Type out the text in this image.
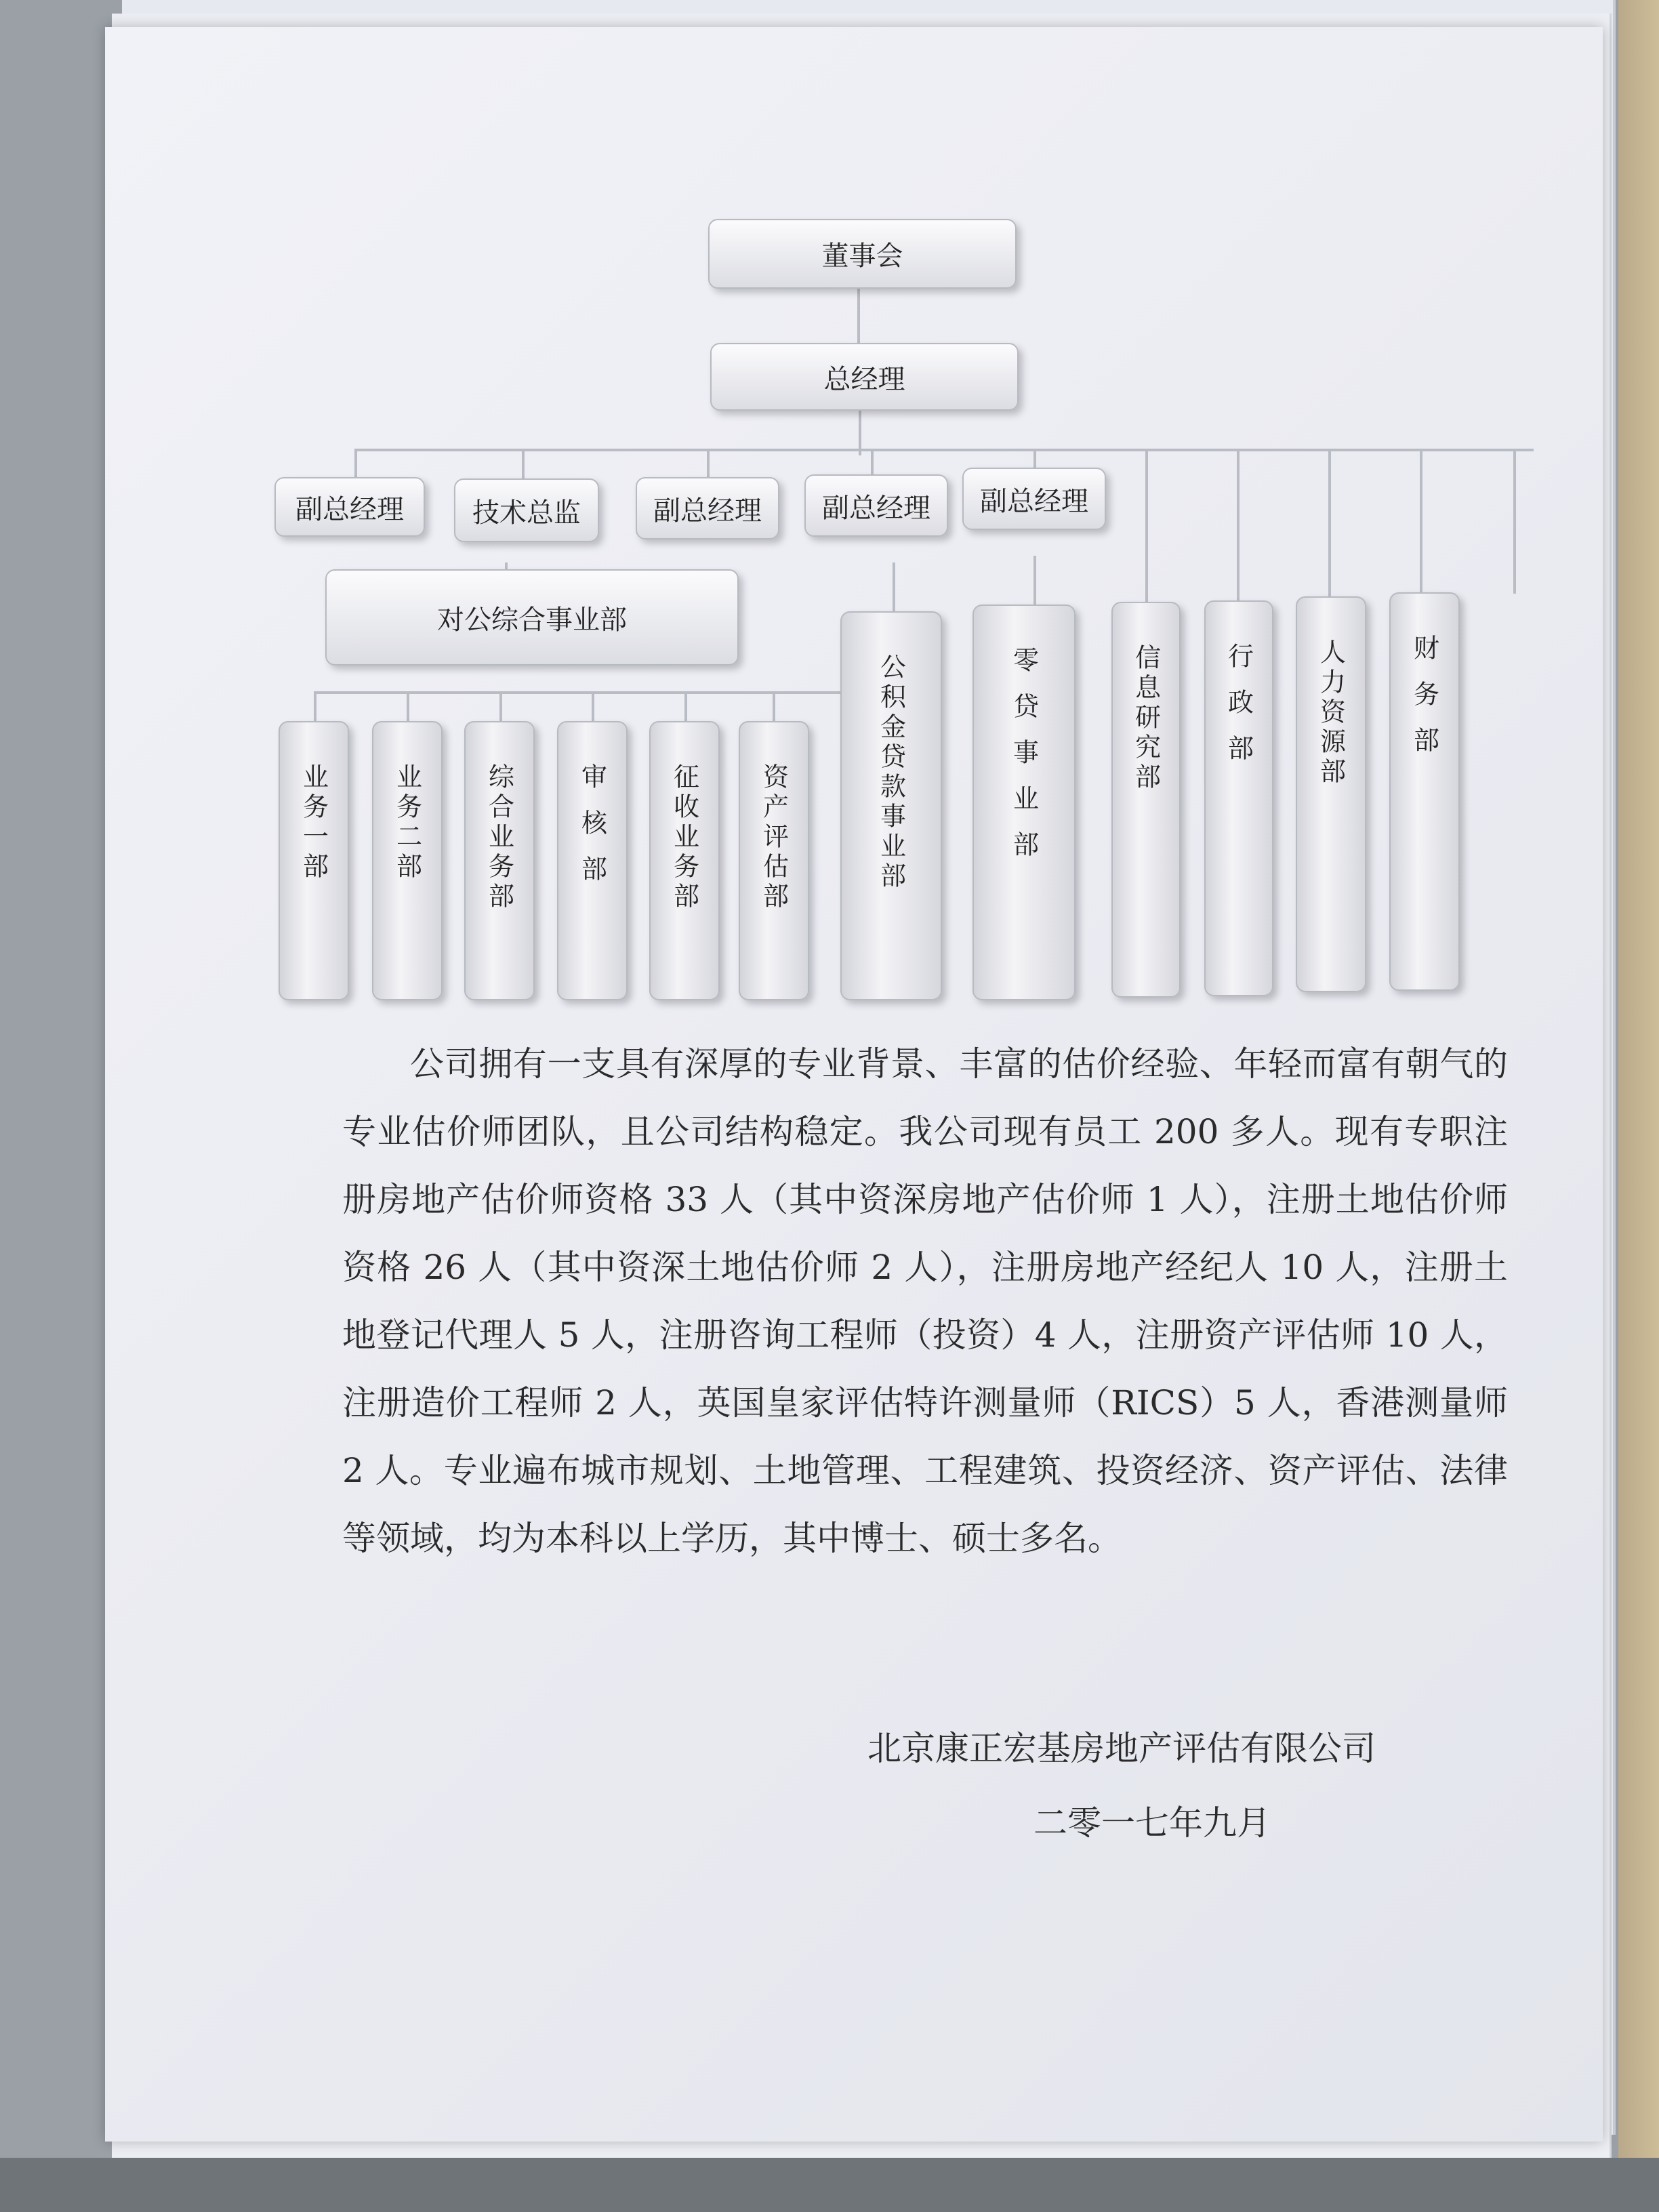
董事会
总经理
副总经理	技术总监	副总经理	副总经理	副总经理
对公综合事业部
业务一部	业务二部	综合业务部	审核部	征收业务部	资产评估部	公积金贷款事业部	零贷事业部	信息研究部	行政部	人力资源部	财务部

公司拥有一支具有深厚的专业背景、丰富的估价经验、年轻而富有朝气的专业估价师团队，且公司结构稳定。我公司现有员工 200 多人。现有专职注册房地产估价师资格 33 人（其中资深房地产估价师 1 人），注册土地估价师资格 26 人（其中资深土地估价师 2 人），注册房地产经纪人 10 人，注册土地登记代理人 5 人，注册咨询工程师（投资）4 人，注册资产评估师 10 人，注册造价工程师 2 人，英国皇家评估特许测量师（RICS）5 人，香港测量师 2 人。专业遍布城市规划、土地管理、工程建筑、投资经济、资产评估、法律等领域，均为本科以上学历，其中博士、硕士多名。

北京康正宏基房地产评估有限公司
二零一七年九月
